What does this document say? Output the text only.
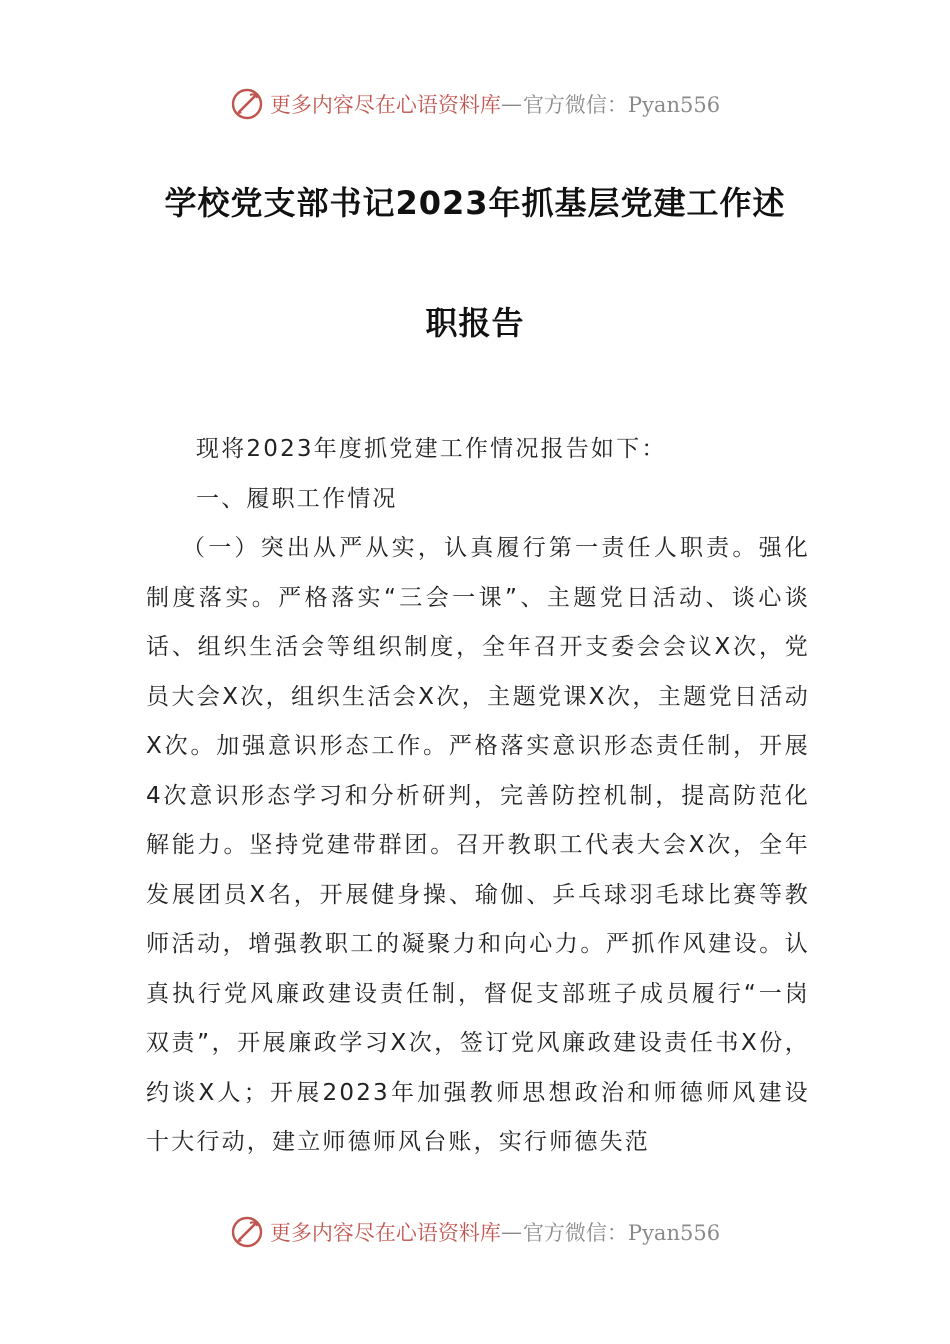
更多内容尽在心语资料库 — 官方微信：Pyan556
学校党支部书记2023年抓基层党建工作述
职报告

现将2023年度抓党建工作情况报告如下：

一、履职工作情况

（一）突出从严从实，认真履行第一责任人职责。强化制度落实。严格落实“三会一课”、主题党日活动、谈心谈话、组织生活会等组织制度，全年召开支委会会议X次，党员大会X次，组织生活会X次，主题党课X次，主题党日活动X次。加强意识形态工作。严格落实意识形态责任制，开展4次意识形态学习和分析研判，完善防控机制，提高防范化解能力。坚持党建带群团。召开教职工代表大会X次，全年发展团员X名，开展健身操、瑜伽、乒乓球羽毛球比赛等教师活动，增强教职工的凝聚力和向心力。严抓作风建设。认真执行党风廉政建设责任制，督促支部班子成员履行“一岗双责”，开展廉政学习X次，签订党风廉政建设责任书X份，约谈X人；开展2023年加强教师思想政治和师德师风建设十大行动，建立师德师风台账，实行师德失范

更多内容尽在心语资料库 — 官方微信：Pyan556
